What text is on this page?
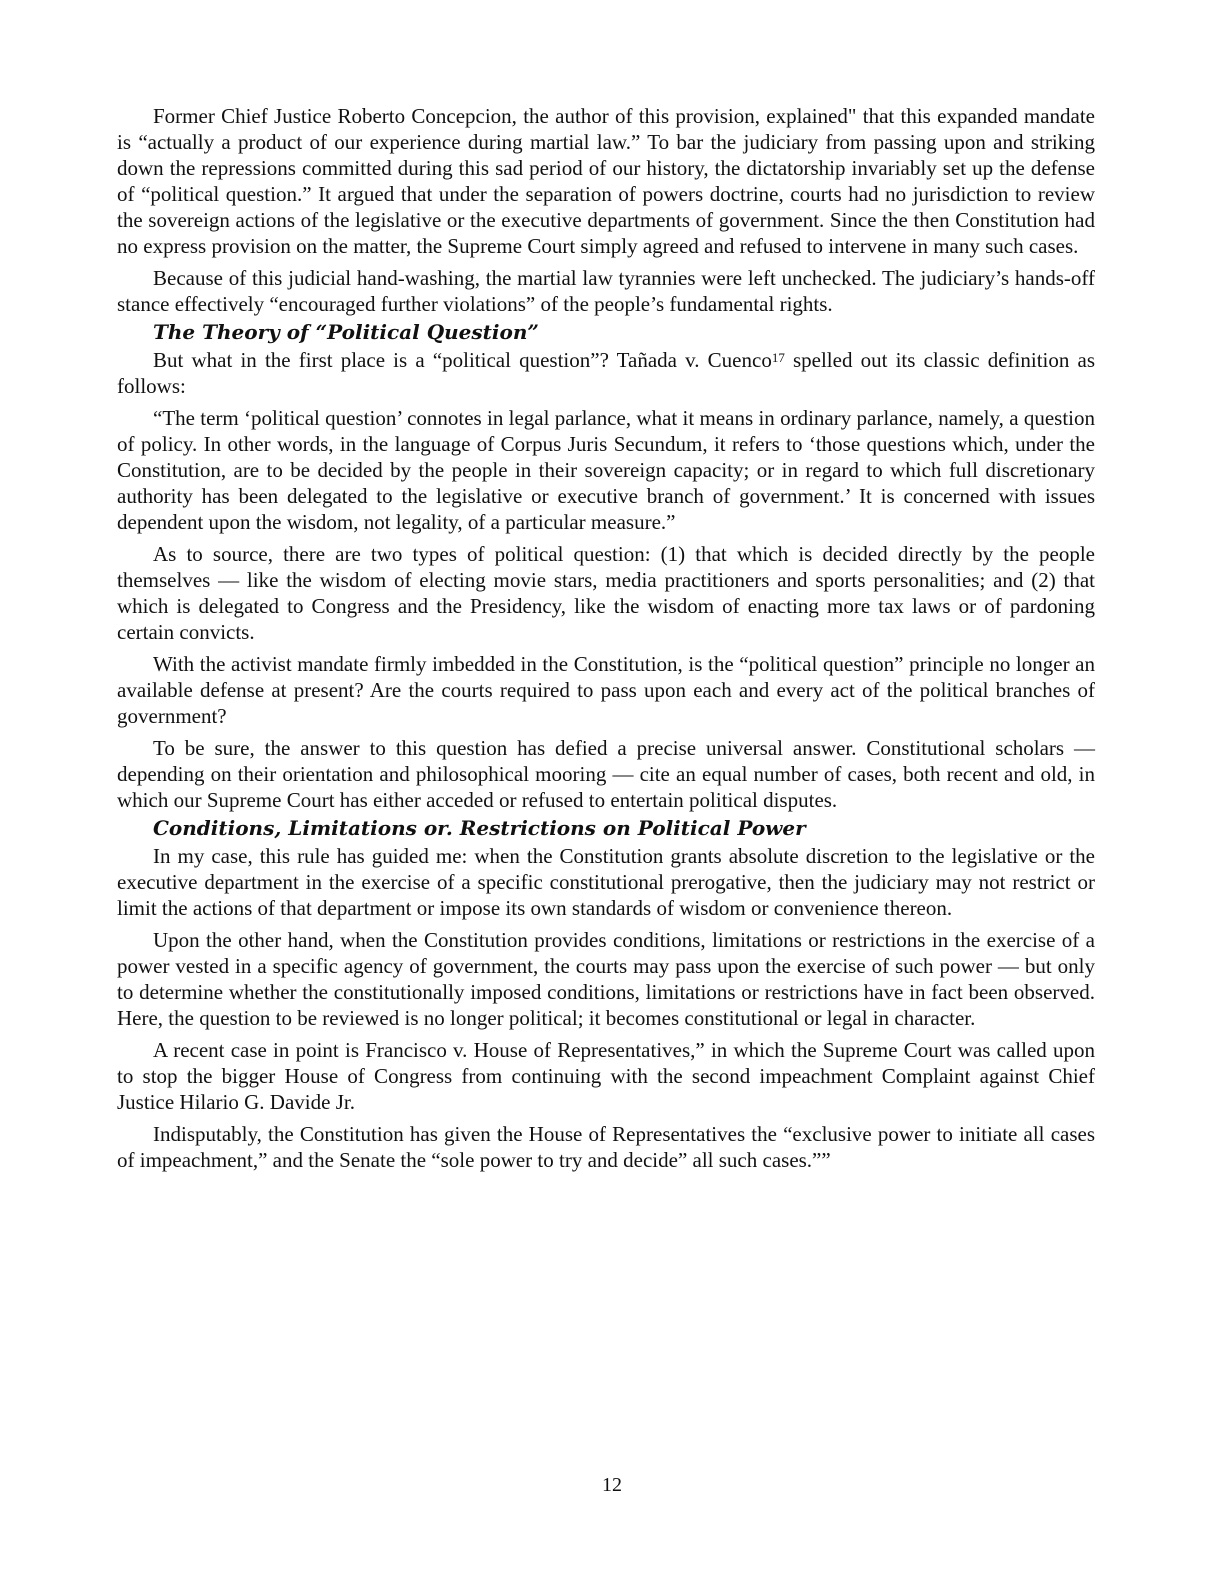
Former Chief Justice Roberto Concepcion, the author of this provision, explained" that this expanded mandate is “actually a product of our experience during martial law.” To bar the judiciary from passing upon and striking down the repressions committed during this sad period of our history, the dictatorship invariably set up the defense of “political question.” It argued that under the separation of powers doctrine, courts had no jurisdiction to review the sovereign actions of the legislative or the executive departments of government. Since the then Constitution had no express provision on the matter, the Supreme Court simply agreed and refused to intervene in many such cases.

Because of this judicial hand-washing, the martial law tyrannies were left unchecked. The judiciary’s hands-off stance effectively “encouraged further violations” of the people’s fundamental rights.

The Theory of “Political Question”

But what in the first place is a “political question”? Tañada v. Cuenco$^{17}$ spelled out its classic definition as follows:

“The term ‘political question’ connotes in legal parlance, what it means in ordinary parlance, namely, a question of policy. In other words, in the language of Corpus Juris Secundum, it refers to ‘those questions which, under the Constitution, are to be decided by the people in their sovereign capacity; or in regard to which full discretionary authority has been delegated to the legislative or executive branch of government.’ It is concerned with issues dependent upon the wisdom, not legality, of a particular measure.”

As to source, there are two types of political question: (1) that which is decided directly by the people themselves — like the wisdom of electing movie stars, media practitioners and sports personalities; and (2) that which is delegated to Congress and the Presidency, like the wisdom of enacting more tax laws or of pardoning certain convicts.

With the activist mandate firmly imbedded in the Constitution, is the “political question” principle no longer an available defense at present? Are the courts required to pass upon each and every act of the political branches of government?

To be sure, the answer to this question has defied a precise universal answer. Constitutional scholars — depending on their orientation and philosophical mooring — cite an equal number of cases, both recent and old, in which our Supreme Court has either acceded or refused to entertain political disputes.

Conditions, Limitations or. Restrictions on Political Power

In my case, this rule has guided me: when the Constitution grants absolute discretion to the legislative or the executive department in the exercise of a specific constitutional prerogative, then the judiciary may not restrict or limit the actions of that department or impose its own standards of wisdom or convenience thereon.

Upon the other hand, when the Constitution provides conditions, limitations or restrictions in the exercise of a power vested in a specific agency of government, the courts may pass upon the exercise of such power — but only to determine whether the constitutionally imposed conditions, limitations or restrictions have in fact been observed. Here, the question to be reviewed is no longer political; it becomes constitutional or legal in character.

A recent case in point is Francisco v. House of Representatives,” in which the Supreme Court was called upon to stop the bigger House of Congress from continuing with the second impeachment Complaint against Chief Justice Hilario G. Davide Jr.

Indisputably, the Constitution has given the House of Representatives the “exclusive power to initiate all cases of impeachment,” and the Senate the “sole power to try and decide” all such cases.””

12
